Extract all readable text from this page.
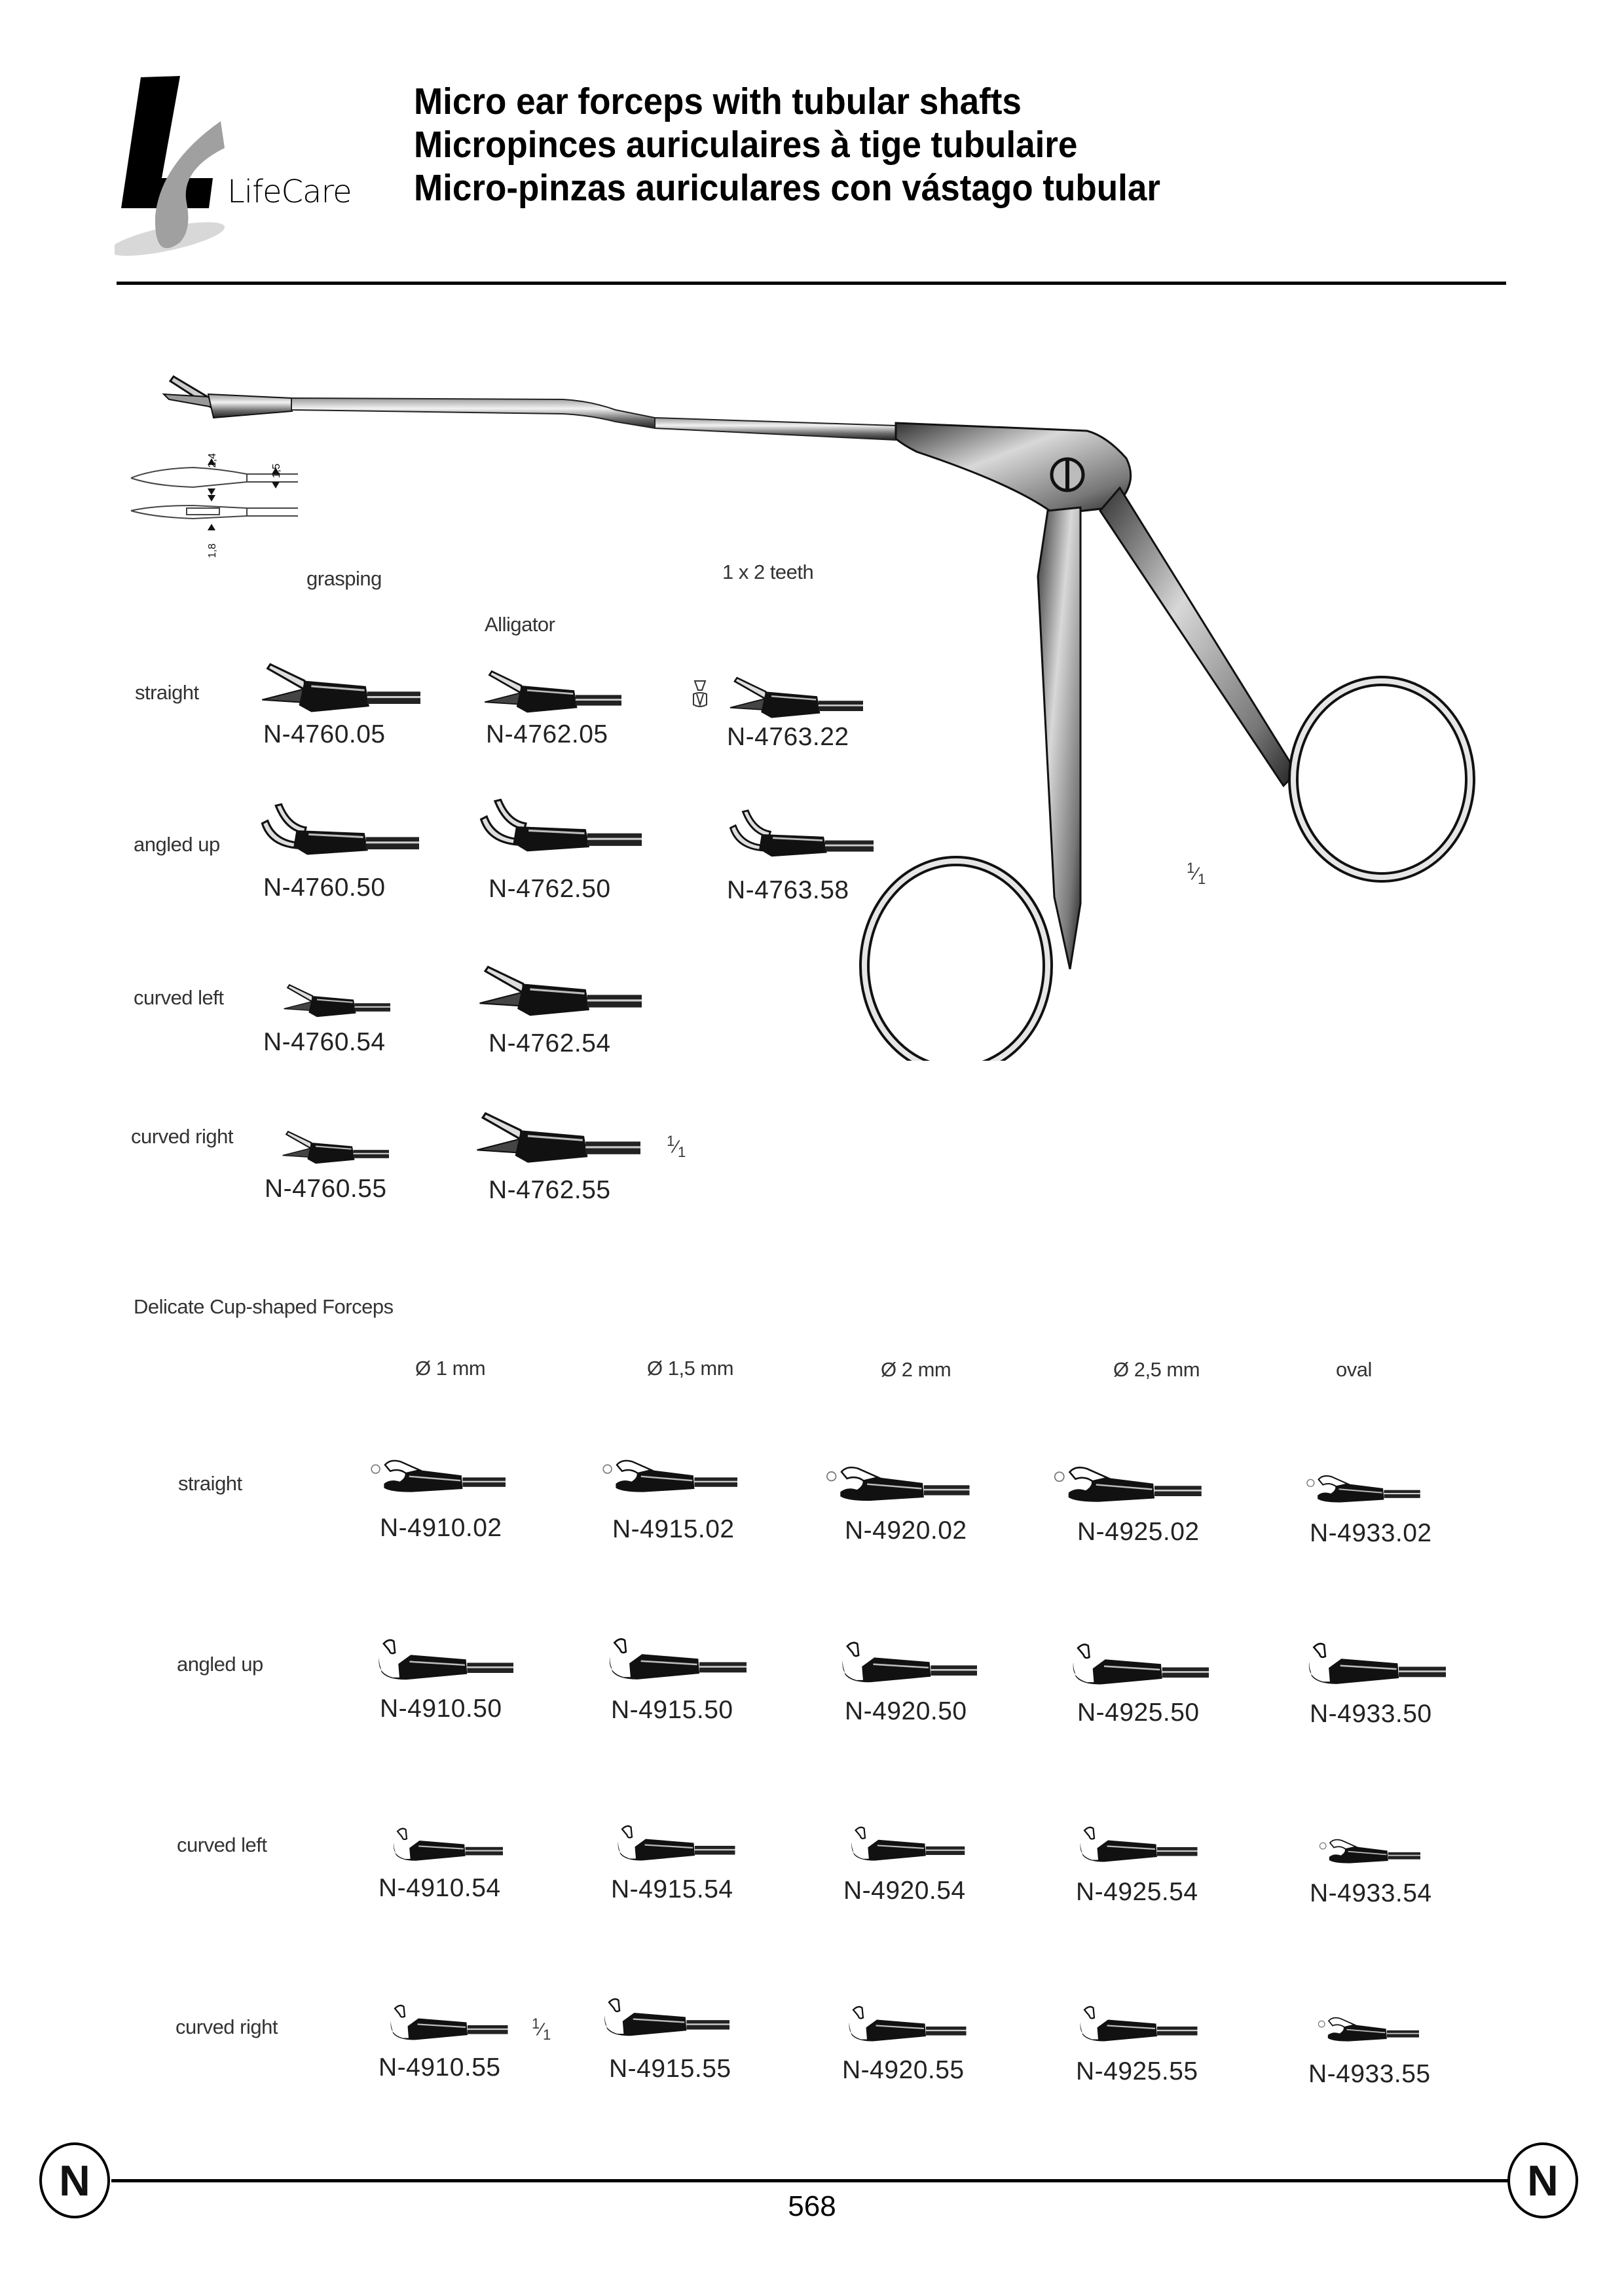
LifeCare
Micro ear forceps with tubular shafts
Micropinces auriculaires à tige tubulaire
Micro-pinzas auriculares con vástago tubular
$^1⁄_1$
2,4
1,5
1,8
grasping
Alligator
1 x 2 teeth
straight
N-4760.05	N-4762.05	N-4763.22
angled up
N-4760.50	N-4762.50	N-4763.58
curved left
N-4760.54	N-4762.54
curved right	$^1⁄_1$
N-4760.55	N-4762.55
Delicate Cup-shaped Forceps
Ø 1 mm	Ø 1,5 mm	Ø 2 mm	Ø 2,5 mm	oval
straight
N-4910.02	N-4915.02	N-4920.02	N-4925.02	N-4933.02
angled up
N-4910.50	N-4915.50	N-4920.50	N-4925.50	N-4933.50
curved left
N-4910.54	N-4915.54	N-4920.54	N-4925.54	N-4933.54
curved right	$^1⁄_1$
N-4910.55	N-4915.55	N-4920.55	N-4925.55	N-4933.55
N	N
568
